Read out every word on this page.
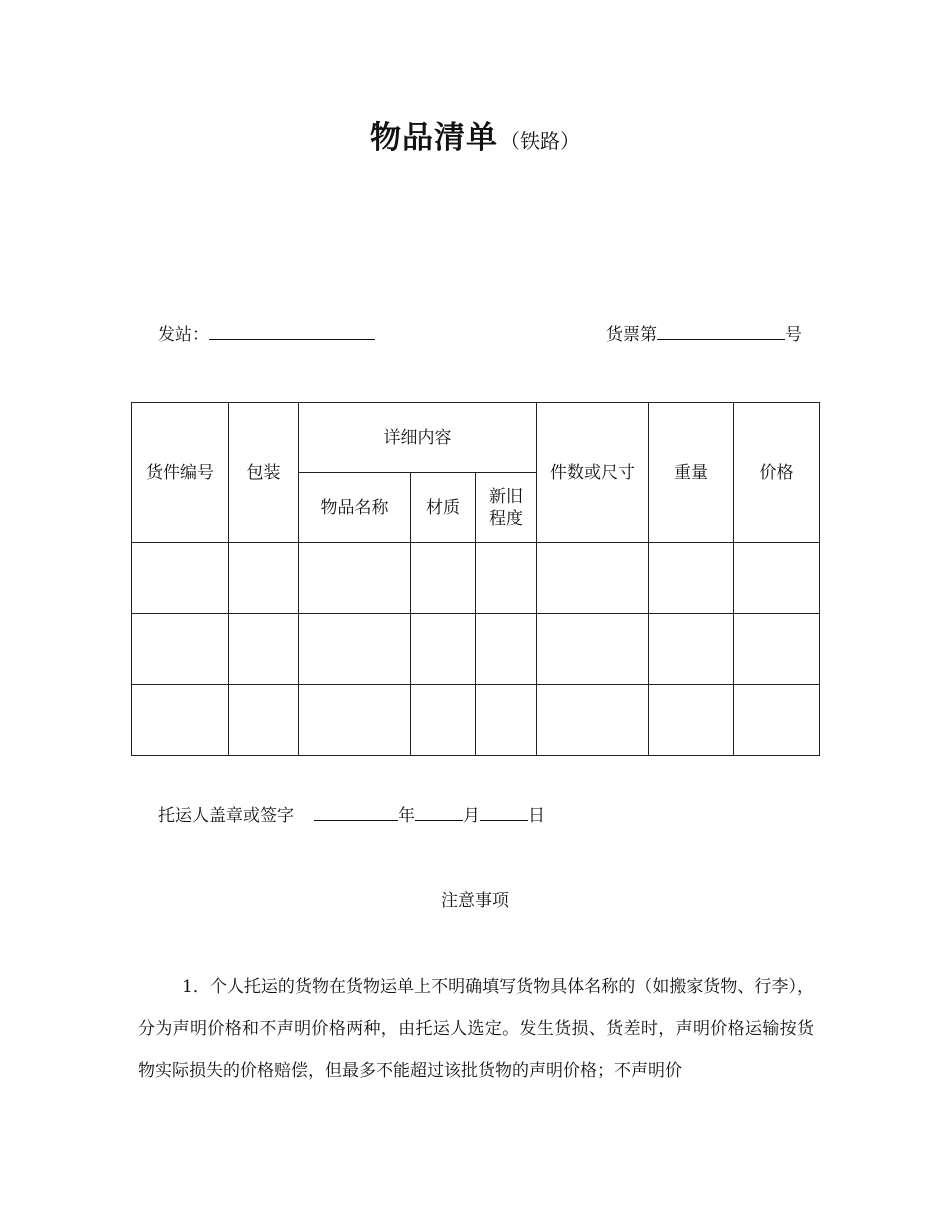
物品清单 （铁路）
发站：	货票第	号
货件编号	包装	详细内容			件数或尺寸	重量	价格
		物品名称	材质	新旧
程度			

托运人盖章或签字	年	月	日
注意事项
1．个人托运的货物在货物运单上不明确填写货物具体名称的（如搬家货物、行李），分为声明价格和不声明价格两种，由托运人选定。发生货损、货差时，声明价格运输按货物实际损失的价格赔偿，但最多不能超过该批货物的声明价格；不声明价
